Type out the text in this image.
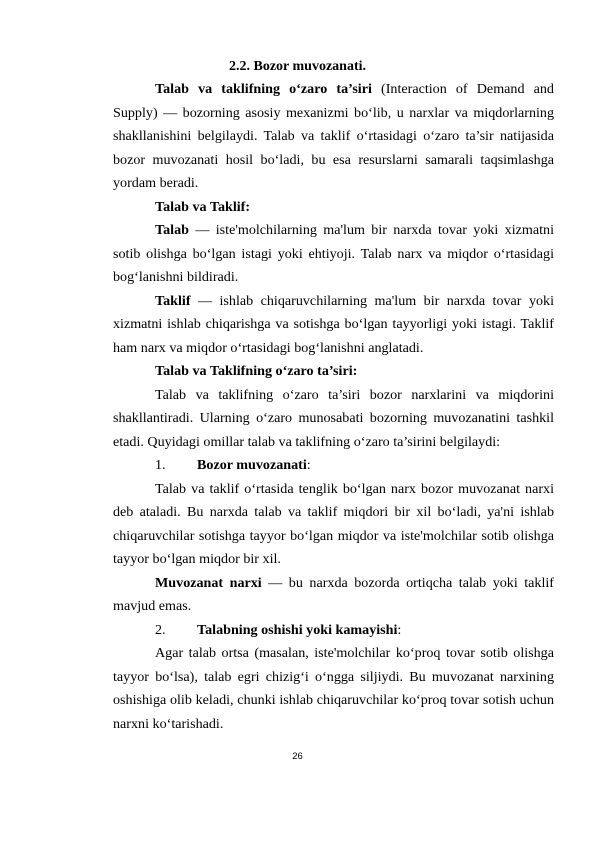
2.2. Bozor muvozanati.

Talab va taklifning o‘zaro ta’siri (Interaction of Demand and Supply) — bozorning asosiy mexanizmi bo‘lib, u narxlar va miqdorlarning shakllanishini belgilaydi. Talab va taklif o‘rtasidagi o‘zaro ta’sir natijasida bozor muvozanati hosil bo‘ladi, bu esa resurslarni samarali taqsimlashga yordam beradi.

Talab va Taklif:

Talab — iste'molchilarning ma'lum bir narxda tovar yoki xizmatni sotib olishga bo‘lgan istagi yoki ehtiyoji. Talab narx va miqdor o‘rtasidagi bog‘lanishni bildiradi.

Taklif — ishlab chiqaruvchilarning ma'lum bir narxda tovar yoki xizmatni ishlab chiqarishga va sotishga bo‘lgan tayyorligi yoki istagi. Taklif ham narx va miqdor o‘rtasidagi bog‘lanishni anglatadi.

Talab va Taklifning o‘zaro ta’siri:

Talab va taklifning o‘zaro ta’siri bozor narxlarini va miqdorini shakllantiradi. Ularning o‘zaro munosabati bozorning muvozanatini tashkil etadi. Quyidagi omillar talab va taklifning o‘zaro ta’sirini belgilaydi:

1.	Bozor muvozanati:

Talab va taklif o‘rtasida tenglik bo‘lgan narx bozor muvozanat narxi deb ataladi. Bu narxda talab va taklif miqdori bir xil bo‘ladi, ya'ni ishlab chiqaruvchilar sotishga tayyor bo‘lgan miqdor va iste'molchilar sotib olishga tayyor bo‘lgan miqdor bir xil.

Muvozanat narxi — bu narxda bozorda ortiqcha talab yoki taklif mavjud emas.

2.	Talabning oshishi yoki kamayishi:

Agar talab ortsa (masalan, iste'molchilar ko‘proq tovar sotib olishga tayyor bo‘lsa), talab egri chizig‘i o‘ngga siljiydi. Bu muvozanat narxining oshishiga olib keladi, chunki ishlab chiqaruvchilar ko‘proq tovar sotish uchun narxni ko‘tarishadi.

26
